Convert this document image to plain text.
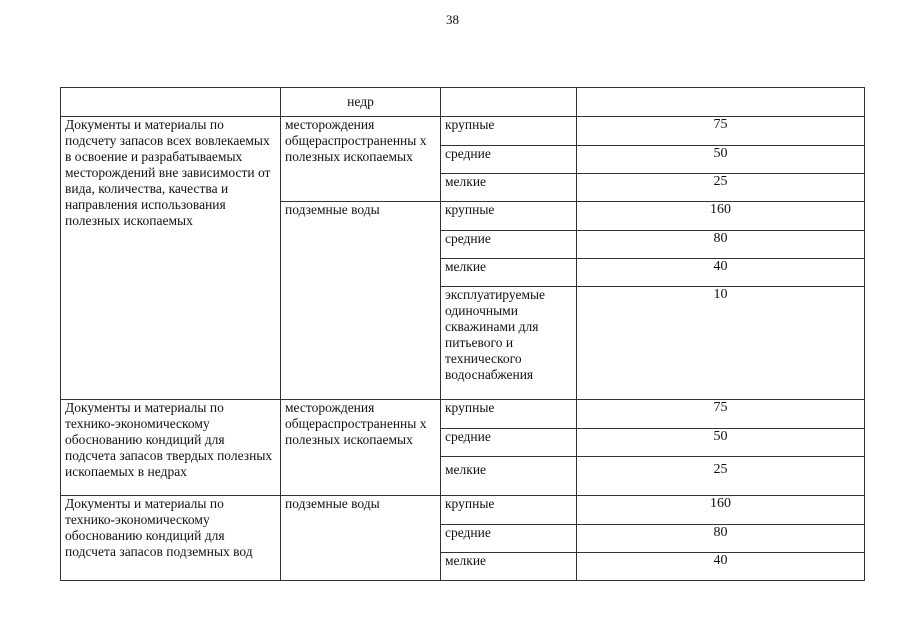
38
	недр		
Документы и материалы по подсчету запасов всех вовлекаемых в освоение и разрабатываемых месторождений вне зависимости от вида, количества, качества и направления использования полезных ископаемых	месторождения общераспространенны х полезных ископаемых	крупные	75
		средние	50
		мелкие	25
	подземные воды	крупные	160
		средние	80
		мелкие	40
		эксплуатируемые одиночными скважинами для питьевого и технического водоснабжения	10
Документы и материалы по технико-экономическому обоснованию кондиций для подсчета запасов твердых полезных ископаемых в недрах	месторождения общераспространенны х полезных ископаемых	крупные	75
		средние	50
		мелкие	25
Документы и материалы по технико-экономическому обоснованию кондиций для подсчета запасов подземных вод	подземные воды	крупные	160
		средние	80
		мелкие	40
